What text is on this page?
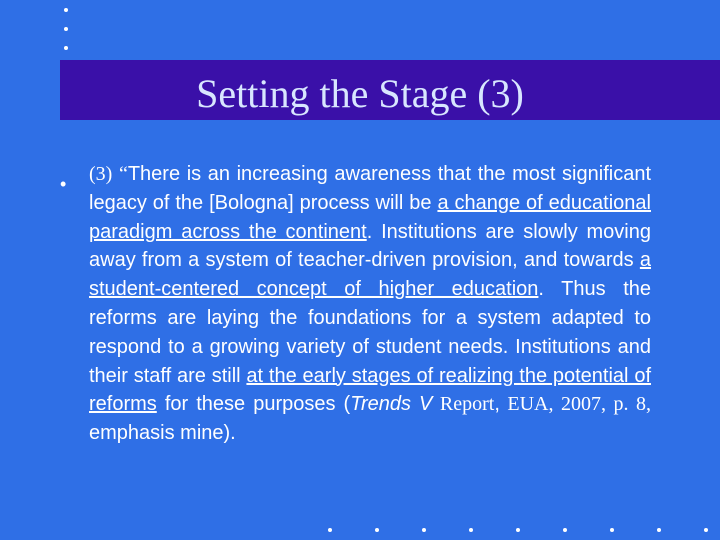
Setting the Stage (3)
• (3) “There is an increasing awareness that the most significant legacy of the [Bologna] process will be a change of educational paradigm across the continent. Institutions are slowly moving away from a system of teacher-driven provision, and towards a student-centered concept of higher education. Thus the reforms are laying the foundations for a system adapted to respond to a growing variety of student needs. Institutions and their staff are still at the early stages of realizing the potential of reforms for these purposes (Trends V Report, EUA, 2007, p. 8, emphasis mine).
